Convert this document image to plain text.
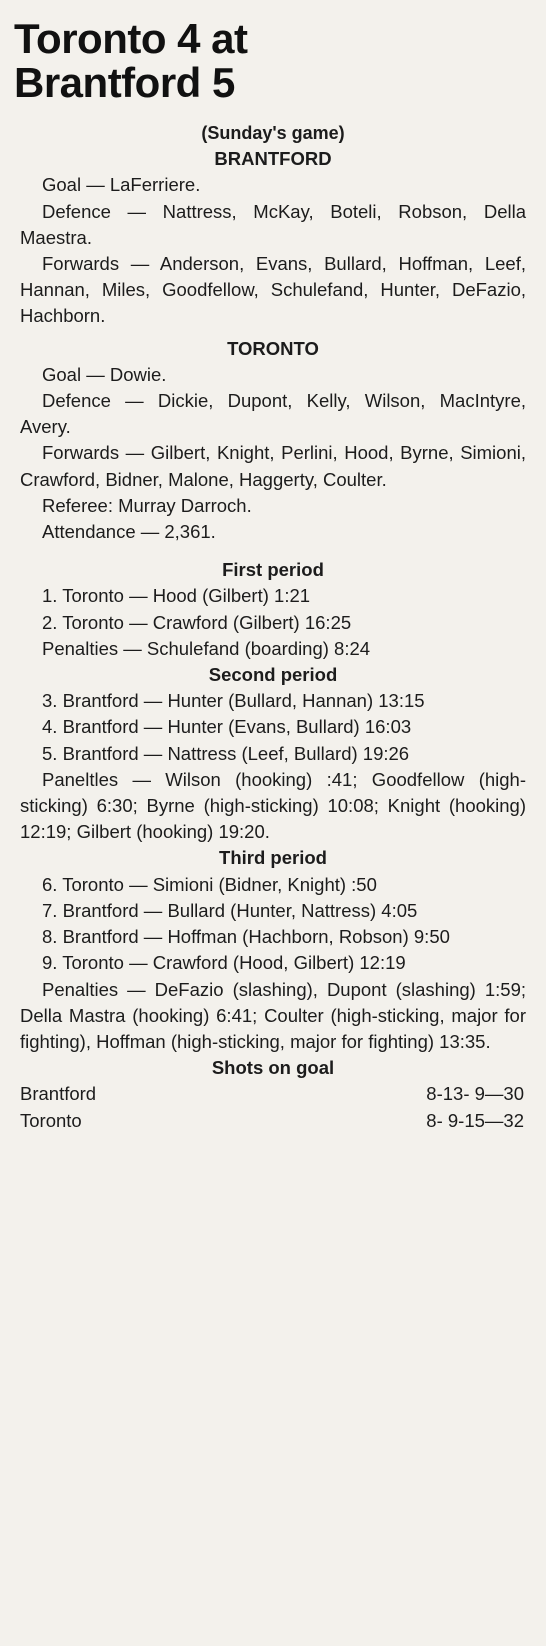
Toronto 4 at
Brantford 5
(Sunday's game)
BRANTFORD

Goal — LaFerriere.

Defence — Nattress, McKay, Boteli, Robson, Della Maestra.

Forwards — Anderson, Evans, Bullard, Hoffman, Leef, Hannan, Miles, Goodfellow, Schulefand, Hunter, DeFazio, Hachborn.

TORONTO

Goal — Dowie.

Defence — Dickie, Dupont, Kelly, Wilson, MacIntyre, Avery.

Forwards — Gilbert, Knight, Perlini, Hood, Byrne, Simioni, Crawford, Bidner, Malone, Haggerty, Coulter.

Referee: Murray Darroch.

Attendance — 2,361.

First period

1. Toronto — Hood (Gilbert) 1:21

2. Toronto — Crawford (Gilbert) 16:25

Penalties — Schulefand (boarding) 8:24

Second period

3. Brantford — Hunter (Bullard, Hannan) 13:15

4. Brantford — Hunter (Evans, Bullard) 16:03

5. Brantford — Nattress (Leef, Bullard) 19:26

Paneltles — Wilson (hooking) :41; Goodfellow (high-sticking) 6:30; Byrne (high-sticking) 10:08; Knight (hooking) 12:19; Gilbert (hooking) 19:20.

Third period

6. Toronto — Simioni (Bidner, Knight) :50

7. Brantford — Bullard (Hunter, Nattress) 4:05

8. Brantford — Hoffman (Hachborn, Robson) 9:50

9. Toronto — Crawford (Hood, Gilbert) 12:19

Penalties — DeFazio (slashing), Dupont (slashing) 1:59; Della Mastra (hooking) 6:41; Coulter (high-sticking, major for fighting), Hoffman (high-sticking, major for fighting) 13:35.

Shots on goal
Brantford	8-13- 9—30
Toronto	8- 9-15—32
